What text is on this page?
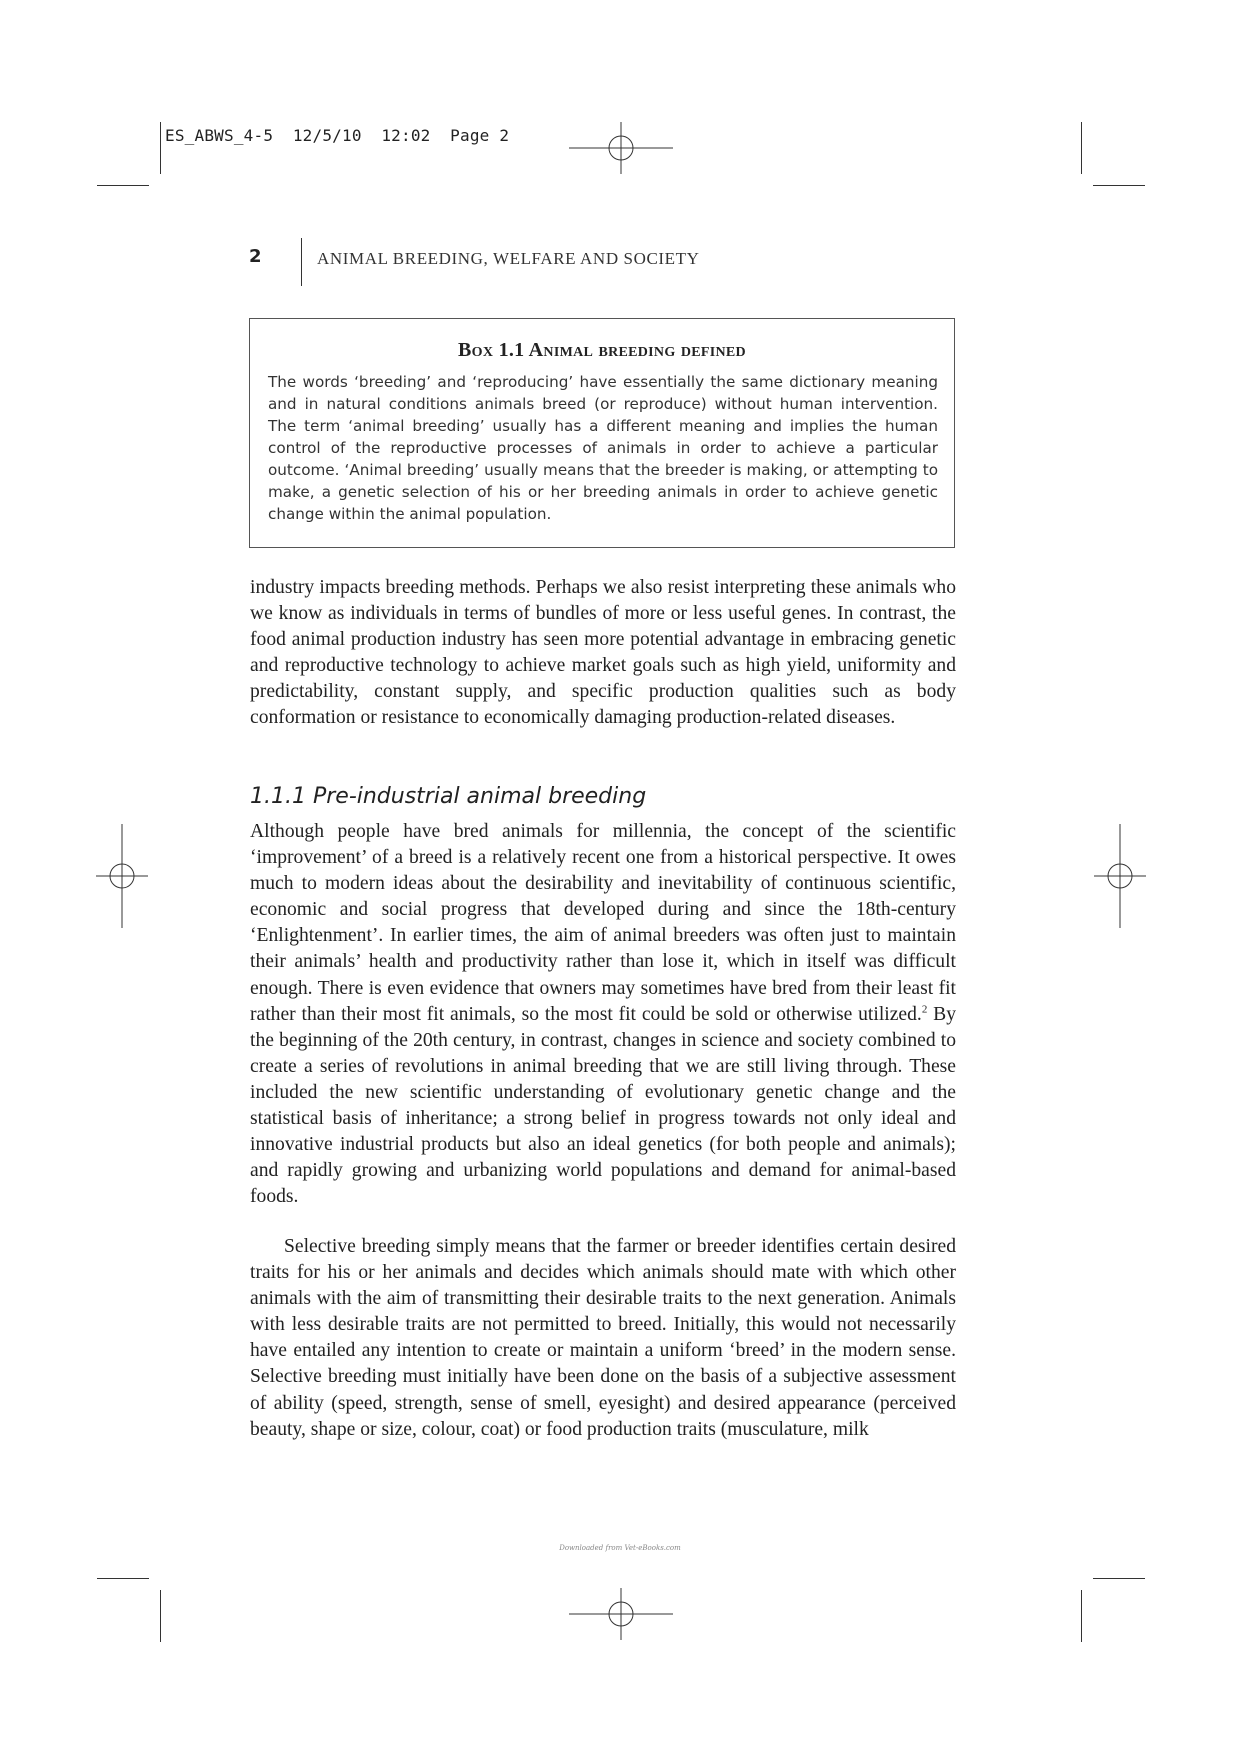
ES_ABWS_4-5  12/5/10  12:02  Page 2
2	ANIMAL BREEDING, WELFARE AND SOCIETY
Box 1.1 Animal breeding defined
The words ‘breeding’ and ‘reproducing’ have essentially the same dictionary meaning and in natural conditions animals breed (or reproduce) without human intervention. The term ‘animal breeding’ usually has a different meaning and implies the human control of the reproductive processes of animals in order to achieve a particular outcome. ‘Animal breeding’ usually means that the breeder is making, or attempting to make, a genetic selection of his or her breeding animals in order to achieve genetic change within the animal population.

industry impacts breeding methods. Perhaps we also resist interpreting these animals who we know as individuals in terms of bundles of more or less useful genes. In contrast, the food animal production industry has seen more potential advantage in embracing genetic and reproductive technology to achieve market goals such as high yield, uniformity and predictability, constant supply, and specific production qualities such as body conformation or resistance to economically damaging production-related diseases.

1.1.1 Pre-industrial animal breeding

Although people have bred animals for millennia, the concept of the scientific ‘improvement’ of a breed is a relatively recent one from a historical perspective. It owes much to modern ideas about the desirability and inevitability of continuous scientific, economic and social progress that developed during and since the 18th-century ‘Enlightenment’. In earlier times, the aim of animal breeders was often just to maintain their animals’ health and productivity rather than lose it, which in itself was difficult enough. There is even evidence that owners may sometimes have bred from their least fit rather than their most fit animals, so the most fit could be sold or otherwise utilized.$^2$ By the beginning of the 20th century, in contrast, changes in science and society combined to create a series of revolutions in animal breeding that we are still living through. These included the new scientific understanding of evolutionary genetic change and the statistical basis of inheritance; a strong belief in progress towards not only ideal and innovative industrial products but also an ideal genetics (for both people and animals); and rapidly growing and urbanizing world populations and demand for animal-based foods.

Selective breeding simply means that the farmer or breeder identifies certain desired traits for his or her animals and decides which animals should mate with which other animals with the aim of transmitting their desirable traits to the next generation. Animals with less desirable traits are not permitted to breed. Initially, this would not necessarily have entailed any intention to create or maintain a uniform ‘breed’ in the modern sense. Selective breeding must initially have been done on the basis of a subjective assessment of ability (speed, strength, sense of smell, eyesight) and desired appearance (perceived beauty, shape or size, colour, coat) or food production traits (musculature, milk

Downloaded from Vet-eBooks.com
